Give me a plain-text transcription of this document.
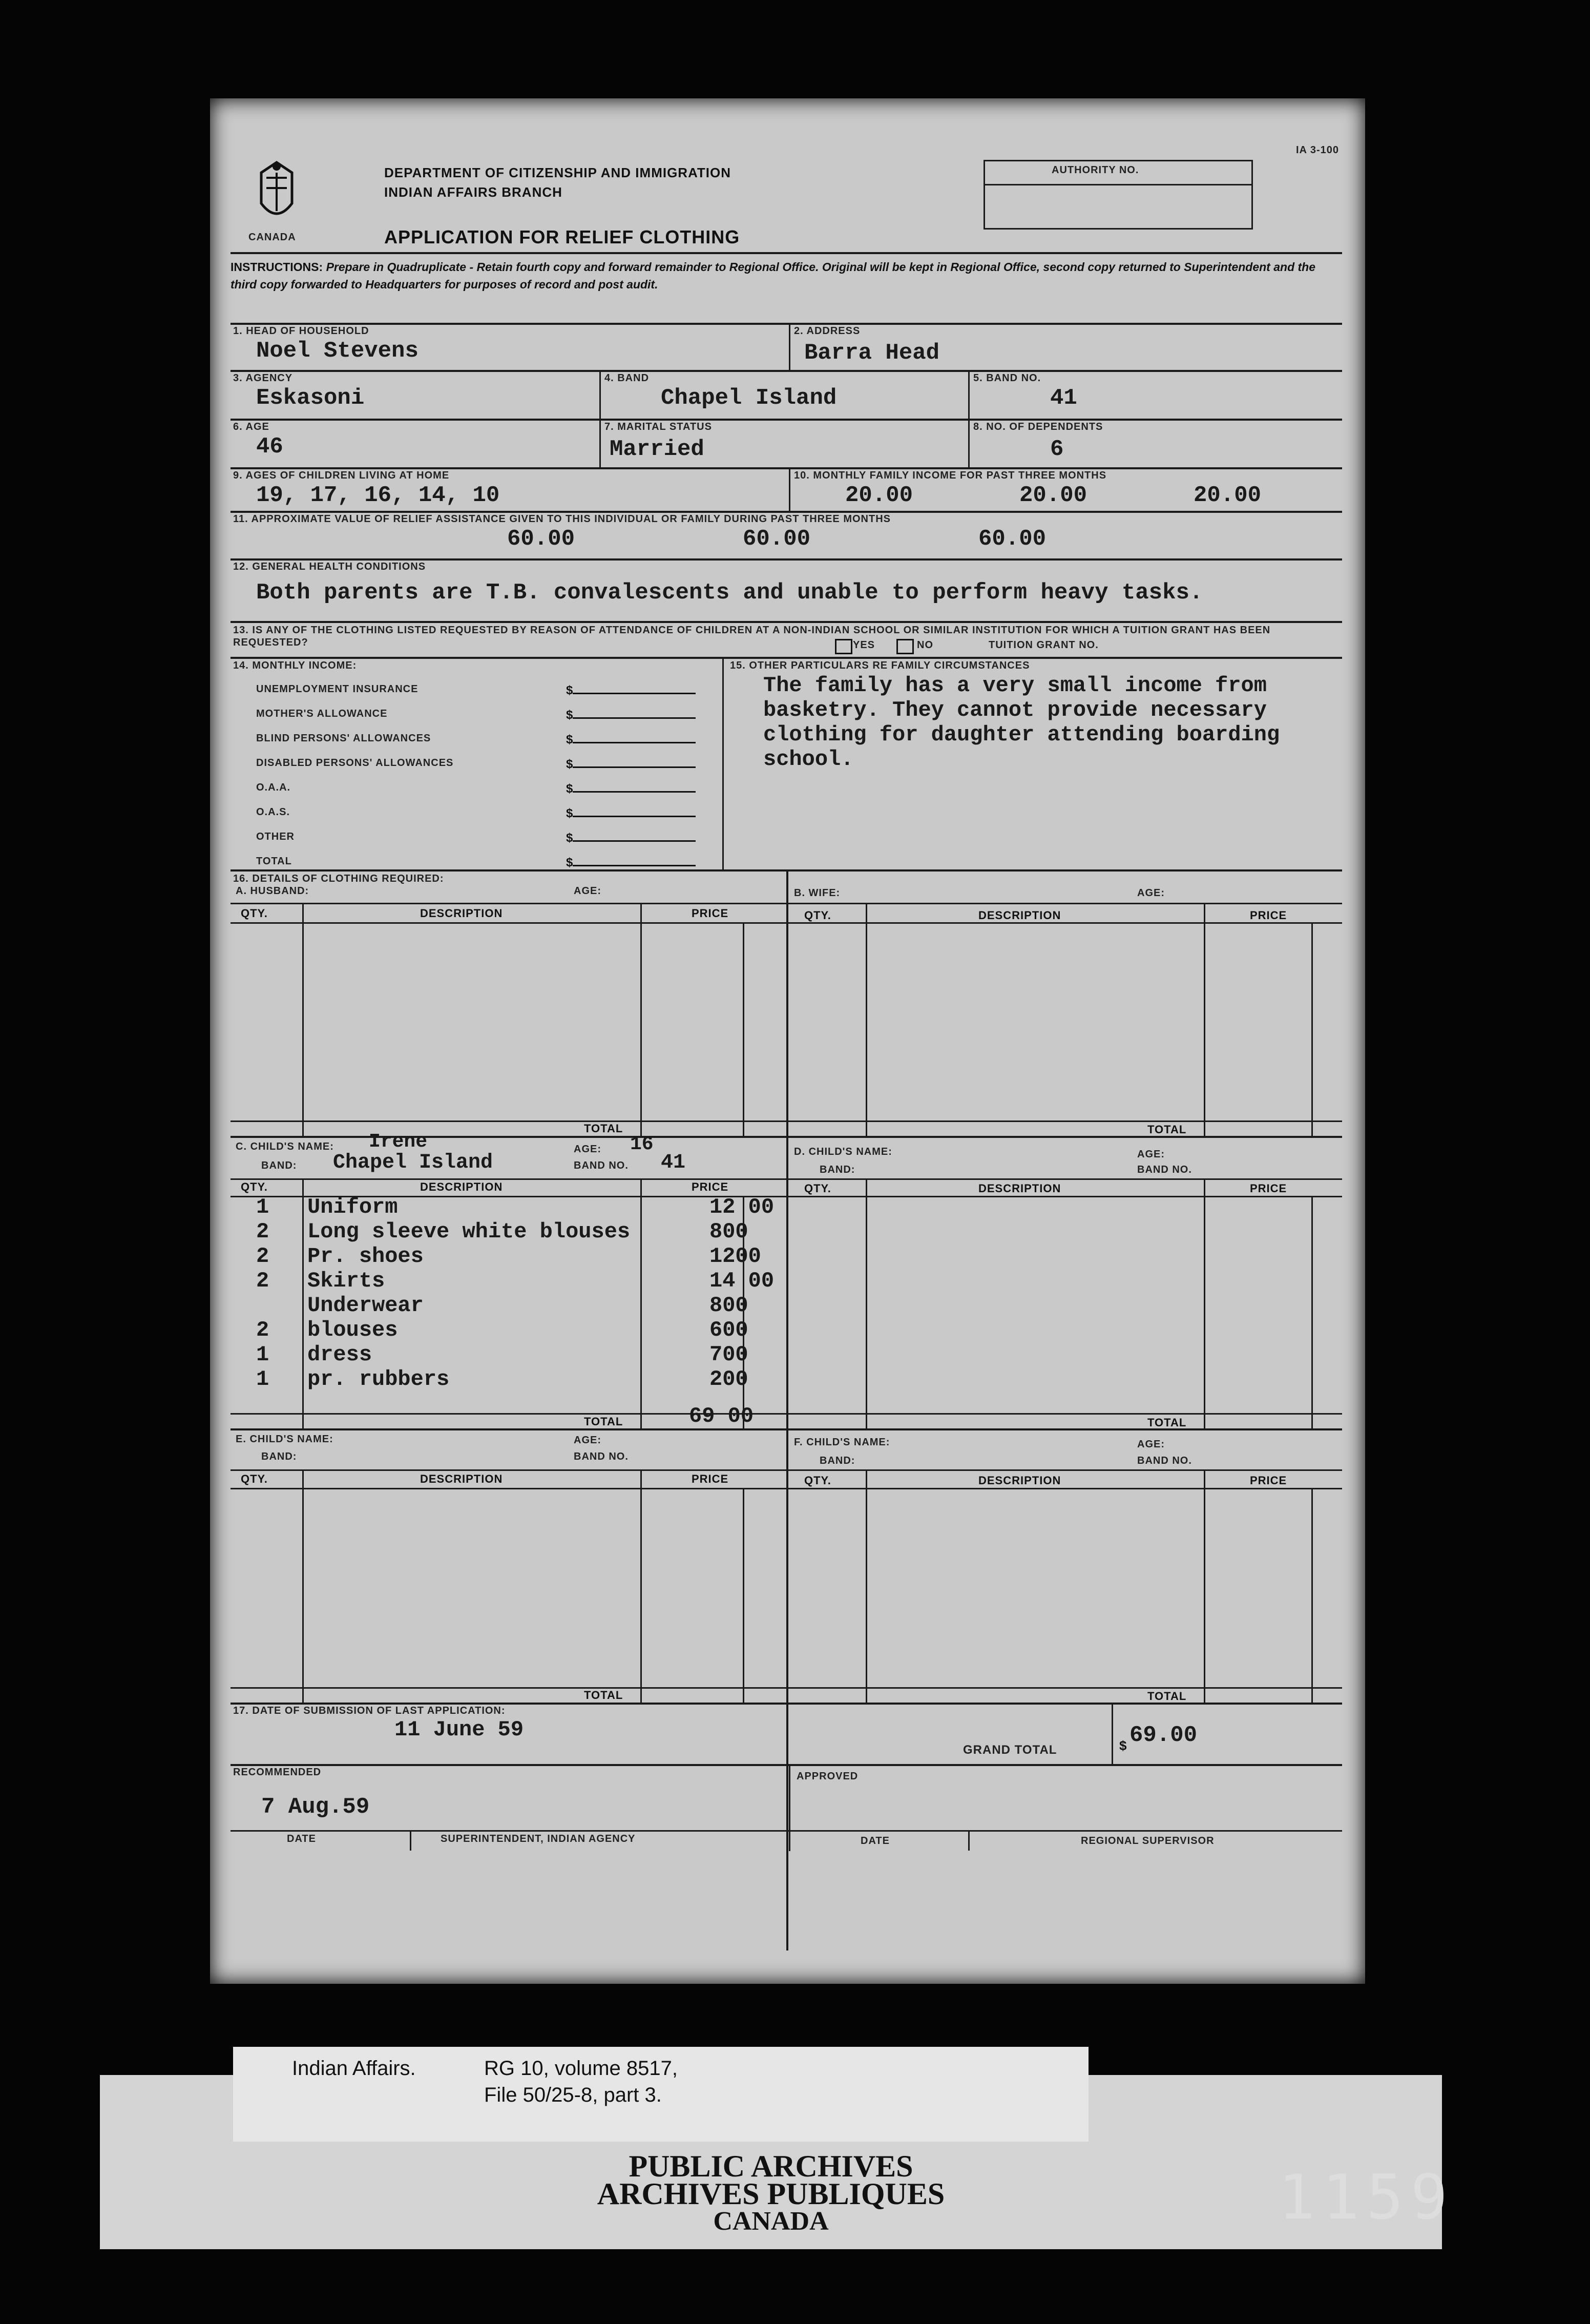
CANADA
DEPARTMENT OF CITIZENSHIP AND IMMIGRATION
INDIAN AFFAIRS BRANCH
APPLICATION FOR RELIEF CLOTHING
IA 3-100
AUTHORITY NO.
INSTRUCTIONS: Prepare in Quadruplicate - Retain fourth copy and forward remainder to Regional Office. Original will be kept in Regional Office, second copy returned to Superintendent and the third copy forwarded to Headquarters for purposes of record and post audit.
1. HEAD OF HOUSEHOLD
Noel Stevens
2. ADDRESS
Barra Head
3. AGENCY
Eskasoni
4. BAND
Chapel Island
5. BAND NO.
41
6. AGE
46
7. MARITAL STATUS
Married
8. NO. OF DEPENDENTS
6
9. AGES OF CHILDREN LIVING AT HOME
19, 17, 16, 14, 10
10. MONTHLY FAMILY INCOME FOR PAST THREE MONTHS
20.00	20.00	20.00
11. APPROXIMATE VALUE OF RELIEF ASSISTANCE GIVEN TO THIS INDIVIDUAL OR FAMILY DURING PAST THREE MONTHS
60.00	60.00	60.00
12. GENERAL HEALTH CONDITIONS
Both parents are T.B. convalescents and unable to perform heavy tasks.
13. IS ANY OF THE CLOTHING LISTED REQUESTED BY REASON OF ATTENDANCE OF CHILDREN AT A NON-INDIAN SCHOOL OR SIMILAR INSTITUTION FOR WHICH A TUITION GRANT HAS BEEN REQUESTED?	YES	NO	TUITION GRANT NO.
14. MONTHLY INCOME:
UNEMPLOYMENT INSURANCE
MOTHER'S ALLOWANCE
BLIND PERSONS' ALLOWANCES
DISABLED PERSONS' ALLOWANCES
O.A.A.
O.A.S.
OTHER
TOTAL
$
$
$
$
$
$
$
$
15. OTHER PARTICULARS RE FAMILY CIRCUMSTANCES
The family has a very small income from
basketry. They cannot provide necessary
clothing for daughter attending boarding
school.
16. DETAILS OF CLOTHING REQUIRED:
A. HUSBAND:	AGE:	B. WIFE:	AGE:
QTY.	DESCRIPTION	PRICE	QTY.	DESCRIPTION	PRICE
TOTAL	TOTAL
C. CHILD'S NAME: Irene	AGE: 16
BAND: Chapel Island	BAND NO. 41	D. CHILD'S NAME:	AGE:
BAND:	BAND NO.
QTY.	DESCRIPTION	PRICE	QTY.	DESCRIPTION	PRICE
1 Uniform	12 00
2 Long sleeve white blouses	800
2 Pr. shoes	1200
2 Skirts	14 00
Underwear	800
2 blouses	600
1 dress	700
1 pr. rubbers	200
TOTAL	69 00	TOTAL
E. CHILD'S NAME:	AGE:
BAND:	BAND NO.
F. CHILD'S NAME:	AGE:
BAND:	BAND NO.
QTY.	DESCRIPTION	PRICE	QTY.	DESCRIPTION	PRICE
TOTAL	TOTAL
17. DATE OF SUBMISSION OF LAST APPLICATION:
11 June 59
GRAND TOTAL	$ 69.00
RECOMMENDED
7 Aug.59
APPROVED
DATE	SUPERINTENDENT, INDIAN AGENCY	DATE	REGIONAL SUPERVISOR
PUBLIC ARCHIVES
ARCHIVES PUBLIQUES
CANADA
Indian Affairs.	RG 10, volume 8517,
File 50/25-8, part 3.
1159
